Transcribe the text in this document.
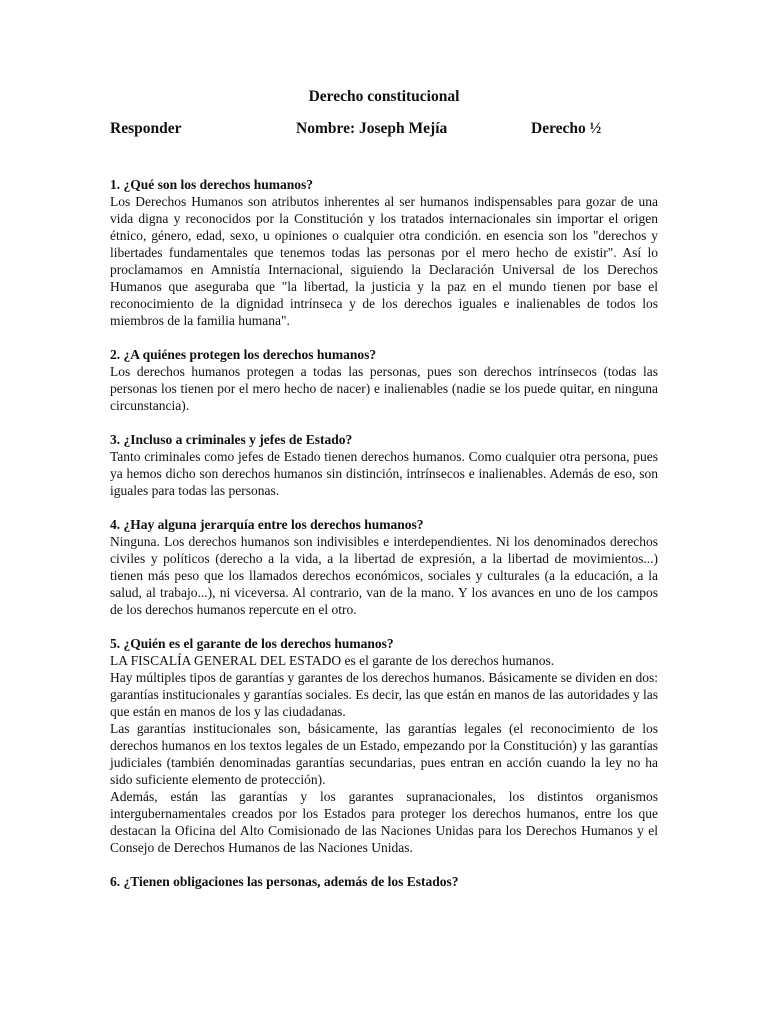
Derecho constitucional
Responder	Nombre: Joseph Mejía	Derecho ½

1. ¿Qué son los derechos humanos?

Los Derechos Humanos son atributos inherentes al ser humanos indispensables para gozar de una vida digna y reconocidos por la Constitución y los tratados internacionales sin importar el origen étnico, género, edad, sexo, u opiniones o cualquier otra condición. en esencia son los "derechos y libertades fundamentales que tenemos todas las personas por el mero hecho de existir". Así lo proclamamos en Amnistía Internacional, siguiendo la Declaración Universal de los Derechos Humanos que aseguraba que "la libertad, la justicia y la paz en el mundo tienen por base el reconocimiento de la dignidad intrínseca y de los derechos iguales e inalienables de todos los miembros de la familia humana".

2. ¿A quiénes protegen los derechos humanos?

Los derechos humanos protegen a todas las personas, pues son derechos intrínsecos (todas las personas los tienen por el mero hecho de nacer) e inalienables (nadie se los puede quitar, en ninguna circunstancia).

3. ¿Incluso a criminales y jefes de Estado?

Tanto criminales como jefes de Estado tienen derechos humanos. Como cualquier otra persona, pues ya hemos dicho son derechos humanos sin distinción, intrínsecos e inalienables. Además de eso, son iguales para todas las personas.

4. ¿Hay alguna jerarquía entre los derechos humanos?

Ninguna. Los derechos humanos son indivisibles e interdependientes. Ni los denominados derechos civiles y políticos (derecho a la vida, a la libertad de expresión, a la libertad de movimientos...) tienen más peso que los llamados derechos económicos, sociales y culturales (a la educación, a la salud, al trabajo...), ni viceversa. Al contrario, van de la mano. Y los avances en uno de los campos de los derechos humanos repercute en el otro.

5. ¿Quién es el garante de los derechos humanos?

LA FISCALÍA GENERAL DEL ESTADO es el garante de los derechos humanos.

Hay múltiples tipos de garantías y garantes de los derechos humanos. Básicamente se dividen en dos: garantías institucionales y garantías sociales. Es decir, las que están en manos de las autoridades y las que están en manos de los y las ciudadanas.

Las garantías institucionales son, básicamente, las garantías legales (el reconocimiento de los derechos humanos en los textos legales de un Estado, empezando por la Constitución) y las garantías judiciales (también denominadas garantías secundarias, pues entran en acción cuando la ley no ha sido suficiente elemento de protección).

Además, están las garantías y los garantes supranacionales, los distintos organismos intergubernamentales creados por los Estados para proteger los derechos humanos, entre los que destacan la Oficina del Alto Comisionado de las Naciones Unidas para los Derechos Humanos y el Consejo de Derechos Humanos de las Naciones Unidas.

6. ¿Tienen obligaciones las personas, además de los Estados?
